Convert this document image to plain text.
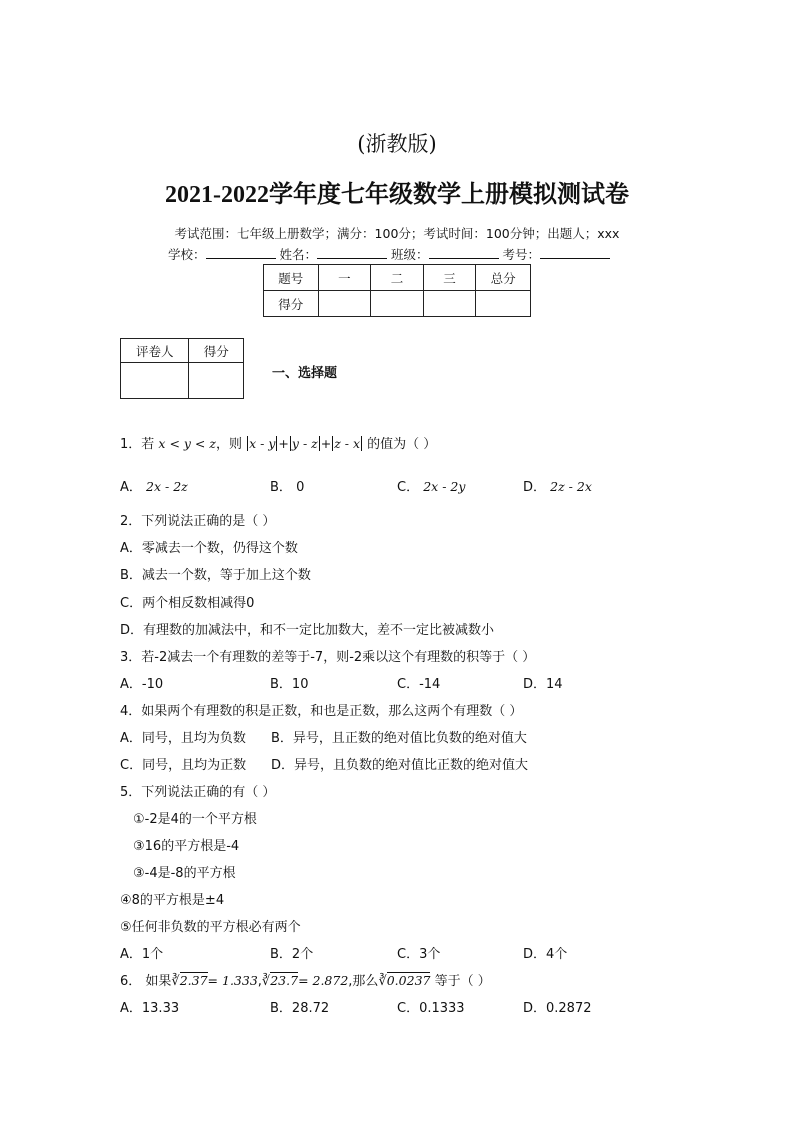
(浙教版)
2021-2022学年度七年级数学上册模拟测试卷
考试范围：七年级上册数学；满分：100分；考试时间：100分钟；出题人；xxx
学校：	姓名：	班级：	考号：
题号	一	二	三	总分
得分				
评卷人	得分

一、选择题
1．若 x < y < z，则 x - y + y - z + z - x 的值为（ ）
A． 2x - 2z	B． 0	C． 2x - 2y	D． 2z - 2x
2．下列说法正确的是（ ）
A．零减去一个数，仍得这个数
B．减去一个数，等于加上这个数
C．两个相反数相减得0
D．有理数的加减法中，和不一定比加数大，差不一定比被减数小
3．若-2减去一个有理数的差等于-7，则-2乘以这个有理数的积等于（ ）
A．-10	B．10	C．-14	D．14
4．如果两个有理数的积是正数，和也是正数，那么这两个有理数（ ）
A．同号，且均为负数 B．异号，且正数的绝对值比负数的绝对值大
C．同号，且均为正数 D．异号，且负数的绝对值比正数的绝对值大
5．下列说法正确的有（ ）
①-2是4的一个平方根
③16的平方根是-4
③-4是-8的平方根
④8的平方根是±4
⑤任何非负数的平方根必有两个
A．1个	B．2个	C．3个	D．4个
6． 如果∛2.37= 1.333,∛23.7= 2.872,那么∛0.0237 等于（ ）
A．13.33	B．28.72	C．0.1333	D．0.2872
